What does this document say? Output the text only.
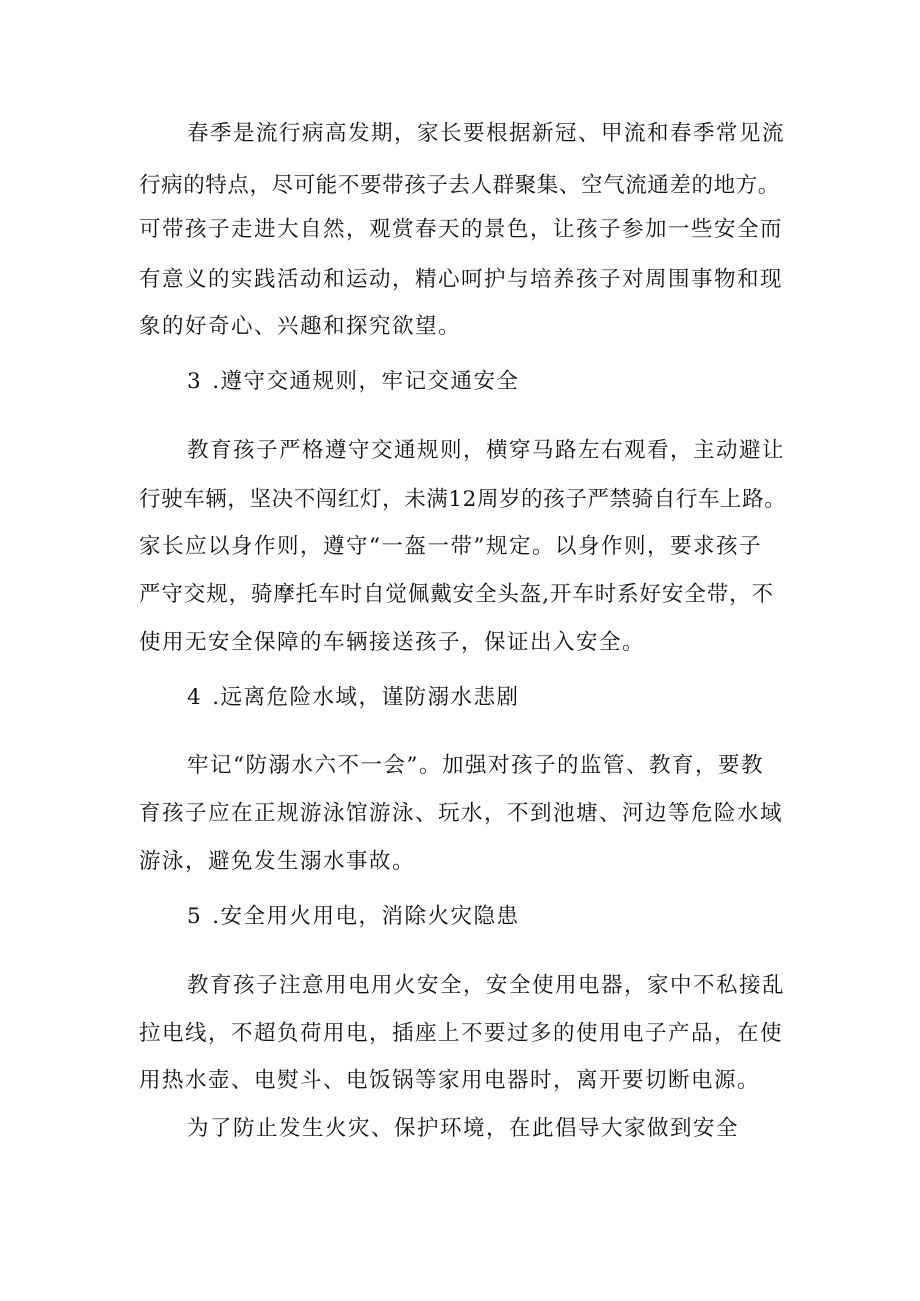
春季是流行病高发期，家长要根据新冠、甲流和春季常见流
行病的特点，尽可能不要带孩子去人群聚集、空气流通差的地方。
可带孩子走进大自然，观赏春天的景色，让孩子参加一些安全而
有意义的实践活动和运动，精心呵护与培养孩子对周围事物和现
象的好奇心、兴趣和探究欲望。
3 .遵守交通规则，牢记交通安全
教育孩子严格遵守交通规则，横穿马路左右观看，主动避让
行驶车辆，坚决不闯红灯，未满12周岁的孩子严禁骑自行车上路。
家长应以身作则，遵守“一盔一带”规定。以身作则，要求孩子
严守交规，骑摩托车时自觉佩戴安全头盔,开车时系好安全带，不
使用无安全保障的车辆接送孩子，保证出入安全。
4 .远离危险水域，谨防溺水悲剧
牢记“防溺水六不一会”。加强对孩子的监管、教育，要教
育孩子应在正规游泳馆游泳、玩水，不到池塘、河边等危险水域
游泳，避免发生溺水事故。
5 .安全用火用电，消除火灾隐患
教育孩子注意用电用火安全，安全使用电器，家中不私接乱
拉电线，不超负荷用电，插座上不要过多的使用电子产品，在使
用热水壶、电熨斗、电饭锅等家用电器时，离开要切断电源。
为了防止发生火灾、保护环境，在此倡导大家做到安全
